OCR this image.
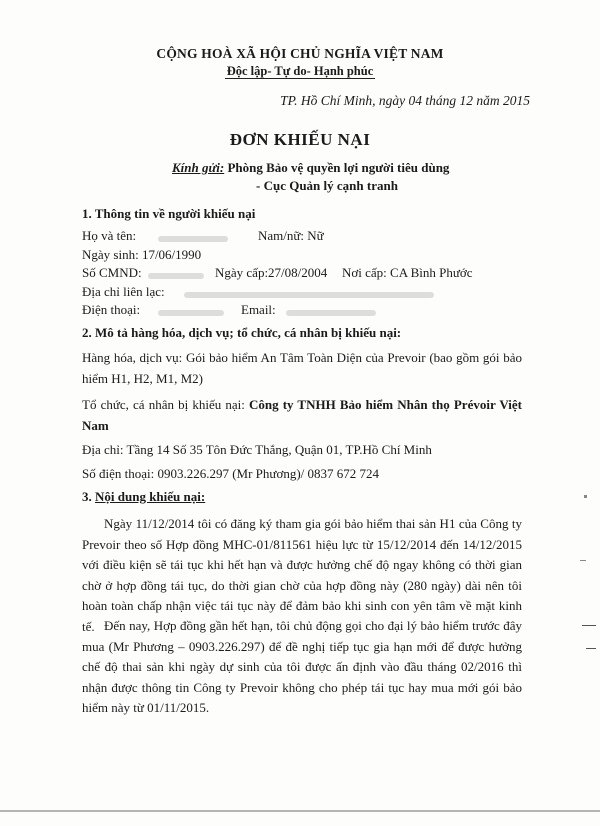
CỘNG HOÀ XÃ HỘI CHỦ NGHĨA VIỆT NAM
Độc lập- Tự do- Hạnh phúc
TP. Hồ Chí Minh, ngày 04 tháng 12 năm 2015
ĐƠN KHIẾU NẠI
Kính gửi: Phòng Bảo vệ quyền lợi người tiêu dùng
- Cục Quản lý cạnh tranh
1. Thông tin về người khiếu nại
Họ và tên:	Nam/nữ: Nữ
Ngày sinh: 17/06/1990
Số CMND:	Ngày cấp:27/08/2004 Nơi cấp: CA Bình Phước
Địa chỉ liên lạc:
Điện thoại:	Email:
2. Mô tả hàng hóa, dịch vụ; tổ chức, cá nhân bị khiếu nại:
Hàng hóa, dịch vụ: Gói bảo hiểm An Tâm Toàn Diện của Prevoir (bao gồm gói bảo hiểm H1, H2, M1, M2)
Tổ chức, cá nhân bị khiếu nại: Công ty TNHH Bảo hiểm Nhân thọ Prévoir Việt Nam
Địa chỉ: Tầng 14 Số 35 Tôn Đức Thắng, Quận 01, TP.Hồ Chí Minh
Số điện thoại: 0903.226.297 (Mr Phương)/ 0837 672 724
3. Nội dung khiếu nại:
Ngày 11/12/2014 tôi có đăng ký tham gia gói bảo hiểm thai sản H1 của Công ty Prevoir theo số Hợp đồng MHC-01/811561 hiệu lực từ 15/12/2014 đến 14/12/2015 với điều kiện sẽ tái tục khi hết hạn và được hưởng chế độ ngay không có thời gian chờ ở hợp đồng tái tục, do thời gian chờ của hợp đồng này (280 ngày) dài nên tôi hoàn toàn chấp nhận việc tái tục này để đảm bảo khi sinh con yên tâm về mặt kinh tế. Đến nay, Hợp đồng gần hết hạn, tôi chủ động gọi cho đại lý bảo hiểm trước đây mua (Mr Phương – 0903.226.297) để đề nghị tiếp tục gia hạn mới để được hưởng chế độ thai sản khi ngày dự sinh của tôi được ấn định vào đầu tháng 02/2016 thì nhận được thông tin Công ty Prevoir không cho phép tái tục hay mua mới gói bảo hiểm này từ 01/11/2015.
